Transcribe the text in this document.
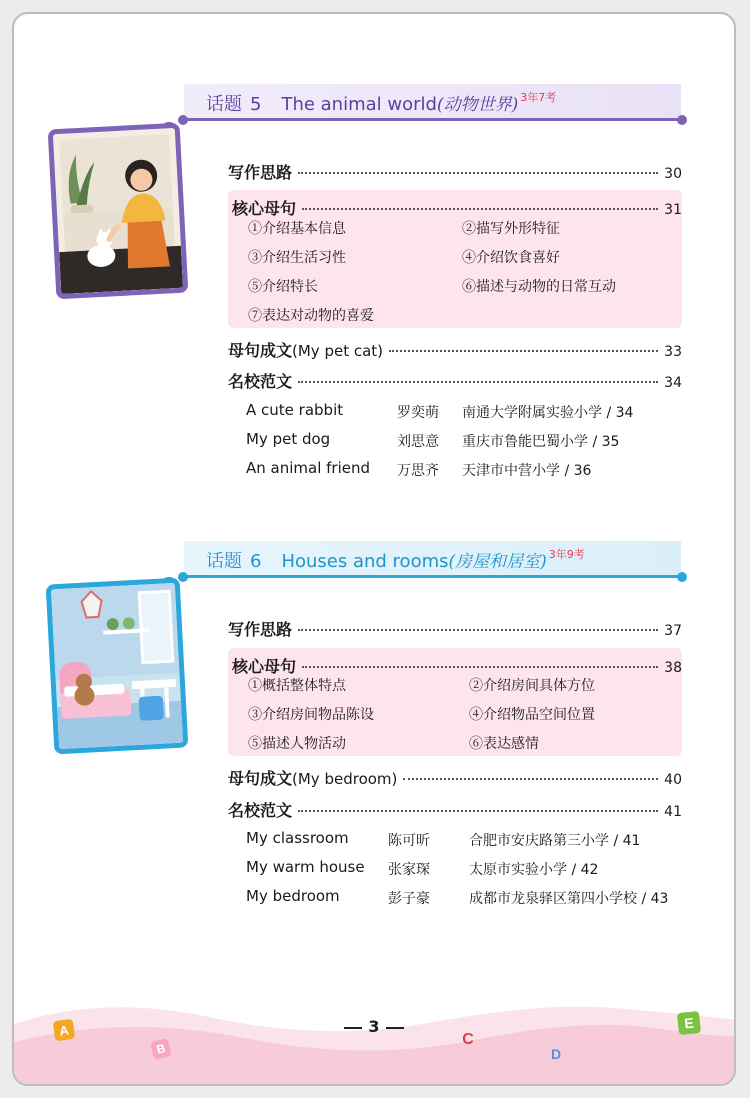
话题 5 The animal world(动物世界) $^{3年7考}$
写作思路	30
核心母句	31
①介绍基本信息	②描写外形特征
③介绍生活习性	④介绍饮食喜好
⑤介绍特长	⑥描述与动物的日常互动
⑦表达对动物的喜爱
母句成文(My pet cat)	33
名校范文	34
A cute rabbit	罗奕萌 南通大学附属实验小学 / 34
My pet dog	刘思意 重庆市鲁能巴蜀小学 / 35
An animal friend 万思齐 天津市中营小学 / 36
话题 6 Houses and rooms(房屋和居室) $^{3年9考}$
写作思路	37
核心母句	38
①概括整体特点	②介绍房间具体方位
③介绍房间物品陈设	④介绍物品空间位置
⑤描述人物活动	⑥表达感情
母句成文(My bedroom)	40
名校范文	41
My classroom	陈可昕	合肥市安庆路第三小学 / 41
My warm house 张家琛	太原市实验小学 / 42
My bedroom	彭子豪	成都市龙泉驿区第四小学校 / 43
3
A
B
C
D
E
